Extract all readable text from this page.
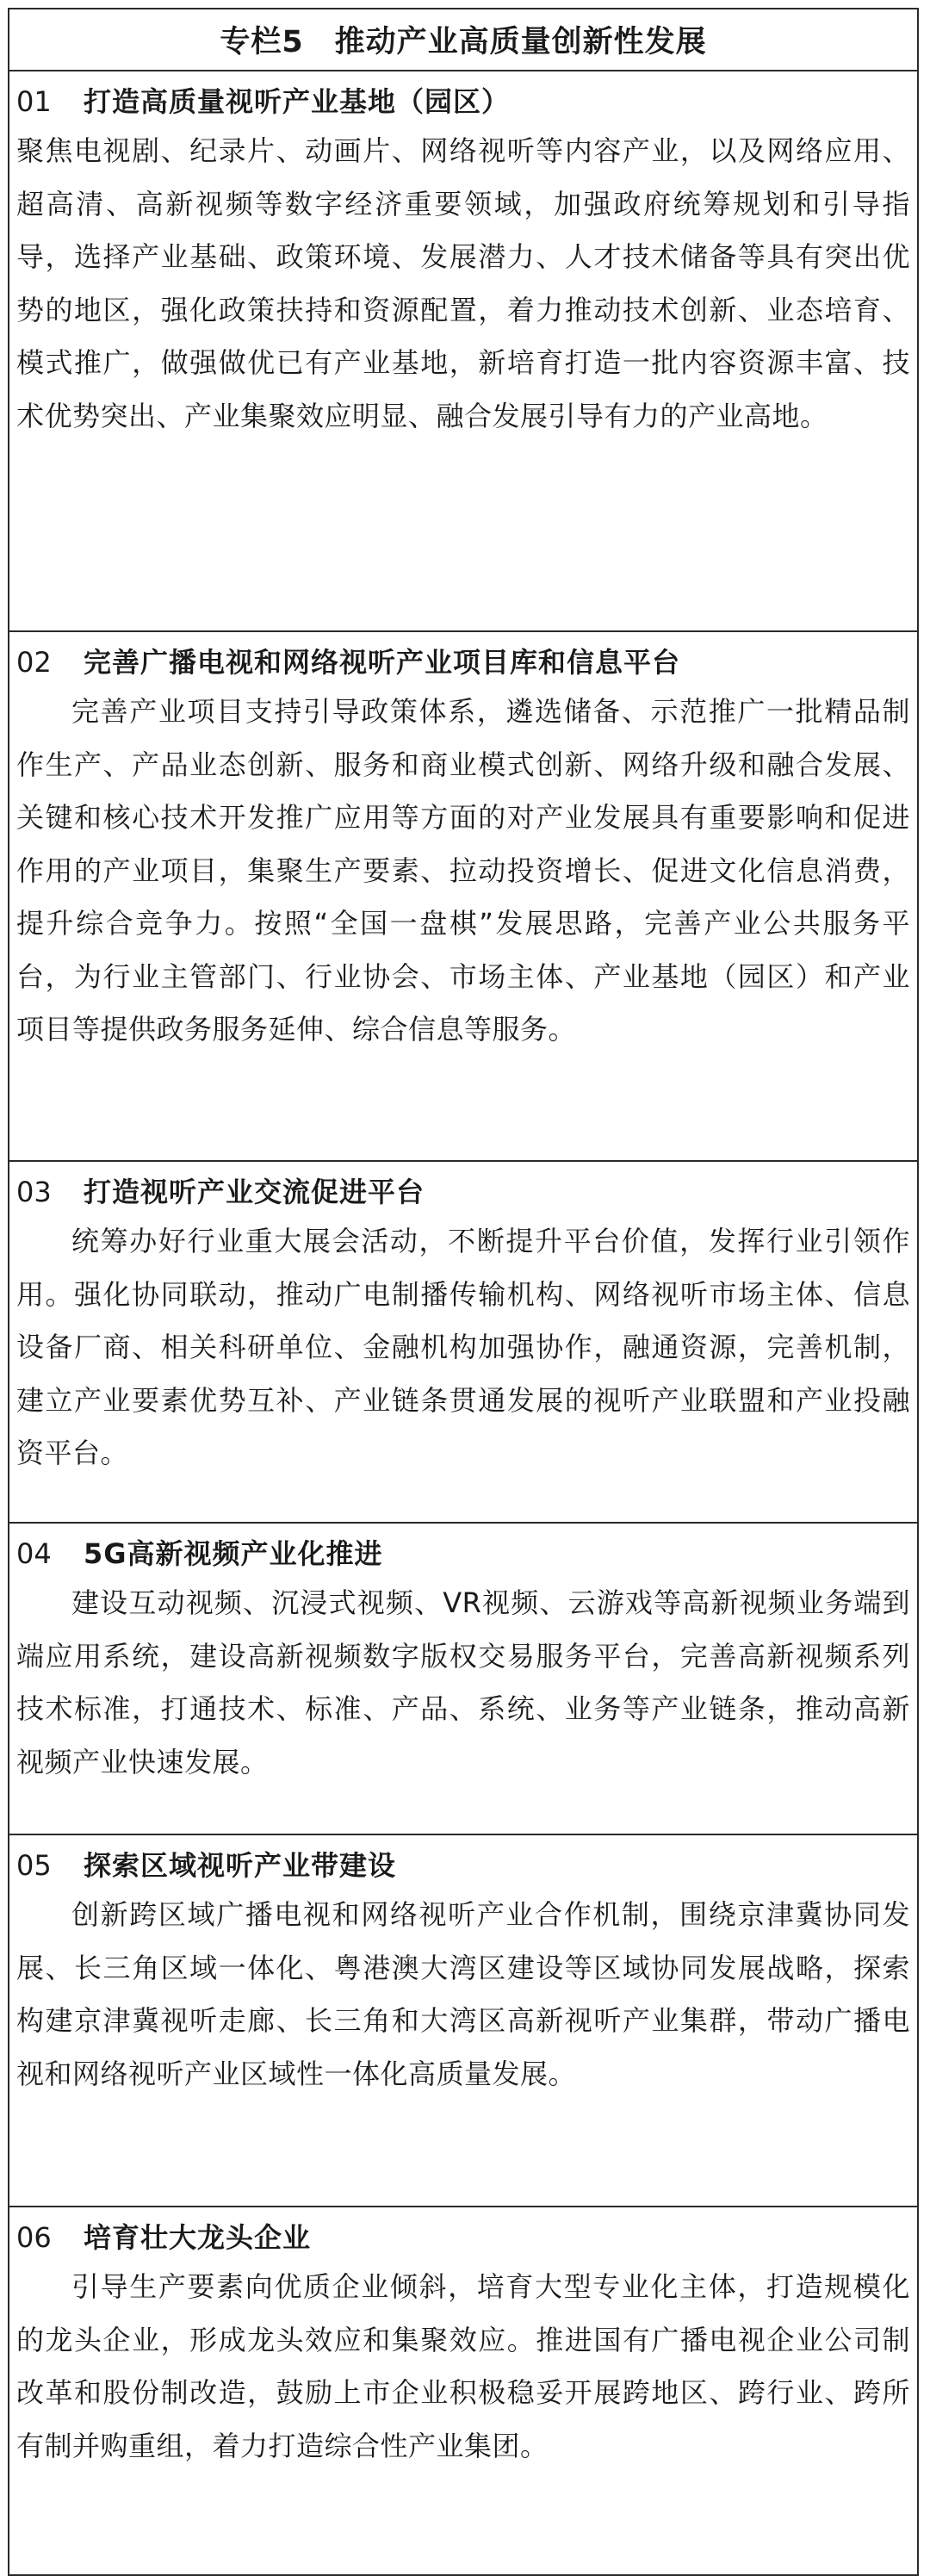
专栏5　推动产业高质量创新性发展
01	打造高质量视听产业基地（园区）
聚焦电视剧、纪录片、动画片、网络视听等内容产业，以及网络应用、超高清、高新视频等数字经济重要领域，加强政府统筹规划和引导指导，选择产业基础、政策环境、发展潜力、人才技术储备等具有突出优势的地区，强化政策扶持和资源配置，着力推动技术创新、业态培育、模式推广，做强做优已有产业基地，新培育打造一批内容资源丰富、技术优势突出、产业集聚效应明显、融合发展引导有力的产业高地。
02	完善广播电视和网络视听产业项目库和信息平台
完善产业项目支持引导政策体系，遴选储备、示范推广一批精品制作生产、产品业态创新、服务和商业模式创新、网络升级和融合发展、关键和核心技术开发推广应用等方面的对产业发展具有重要影响和促进作用的产业项目，集聚生产要素、拉动投资增长、促进文化信息消费，提升综合竞争力。按照“全国一盘棋”发展思路，完善产业公共服务平台，为行业主管部门、行业协会、市场主体、产业基地（园区）和产业项目等提供政务服务延伸、综合信息等服务。
03	打造视听产业交流促进平台
统筹办好行业重大展会活动，不断提升平台价值，发挥行业引领作用。强化协同联动，推动广电制播传输机构、网络视听市场主体、信息设备厂商、相关科研单位、金融机构加强协作，融通资源，完善机制，建立产业要素优势互补、产业链条贯通发展的视听产业联盟和产业投融资平台。
04	5G高新视频产业化推进
建设互动视频、沉浸式视频、VR视频、云游戏等高新视频业务端到端应用系统，建设高新视频数字版权交易服务平台，完善高新视频系列技术标准，打通技术、标准、产品、系统、业务等产业链条，推动高新视频产业快速发展。
05	探索区域视听产业带建设
创新跨区域广播电视和网络视听产业合作机制，围绕京津冀协同发展、长三角区域一体化、粤港澳大湾区建设等区域协同发展战略，探索构建京津冀视听走廊、长三角和大湾区高新视听产业集群，带动广播电视和网络视听产业区域性一体化高质量发展。
06	培育壮大龙头企业
引导生产要素向优质企业倾斜，培育大型专业化主体，打造规模化的龙头企业，形成龙头效应和集聚效应。推进国有广播电视企业公司制改革和股份制改造，鼓励上市企业积极稳妥开展跨地区、跨行业、跨所有制并购重组，着力打造综合性产业集团。
